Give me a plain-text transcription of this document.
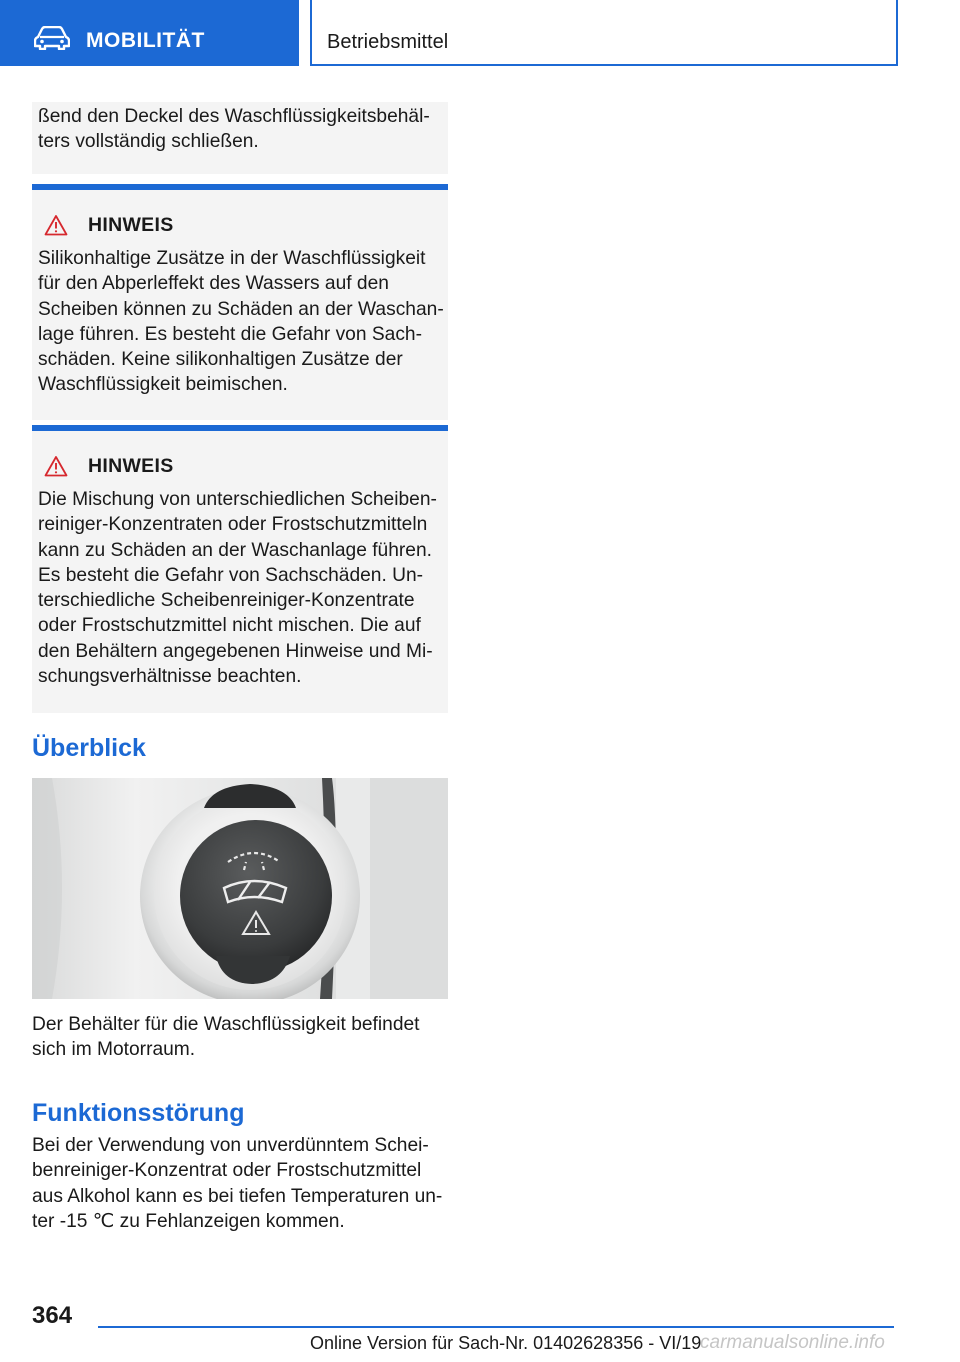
MOBILITÄT	Betriebsmittel

ßend den Deckel des Waschflüssigkeitsbehälters vollständig schließen.

HINWEIS

Silikonhaltige Zusätze in der Waschflüssigkeit für den Abperleffekt des Wassers auf den Scheiben können zu Schäden an der Waschanlage führen. Es besteht die Gefahr von Sachschäden. Keine silikonhaltigen Zusätze der Waschflüssigkeit beimischen.

HINWEIS

Die Mischung von unterschiedlichen Scheibenreiniger-Konzentraten oder Frostschutzmitteln kann zu Schäden an der Waschanlage führen. Es besteht die Gefahr von Sachschäden. Unterschiedliche Scheibenreiniger-Konzentrate oder Frostschutzmittel nicht mischen. Die auf den Behältern angegebenen Hinweise und Mischungsverhältnisse beachten.

Überblick

Der Behälter für die Waschflüssigkeit befindet sich im Motorraum.

Funktionsstörung

Bei der Verwendung von unverdünntem Scheibenreiniger-Konzentrat oder Frostschutzmittel aus Alkohol kann es bei tiefen Temperaturen unter -15 ℃ zu Fehlanzeigen kommen.

364
Online Version für Sach-Nr. 01402628356 - VI/19
carmanualsonline.info
